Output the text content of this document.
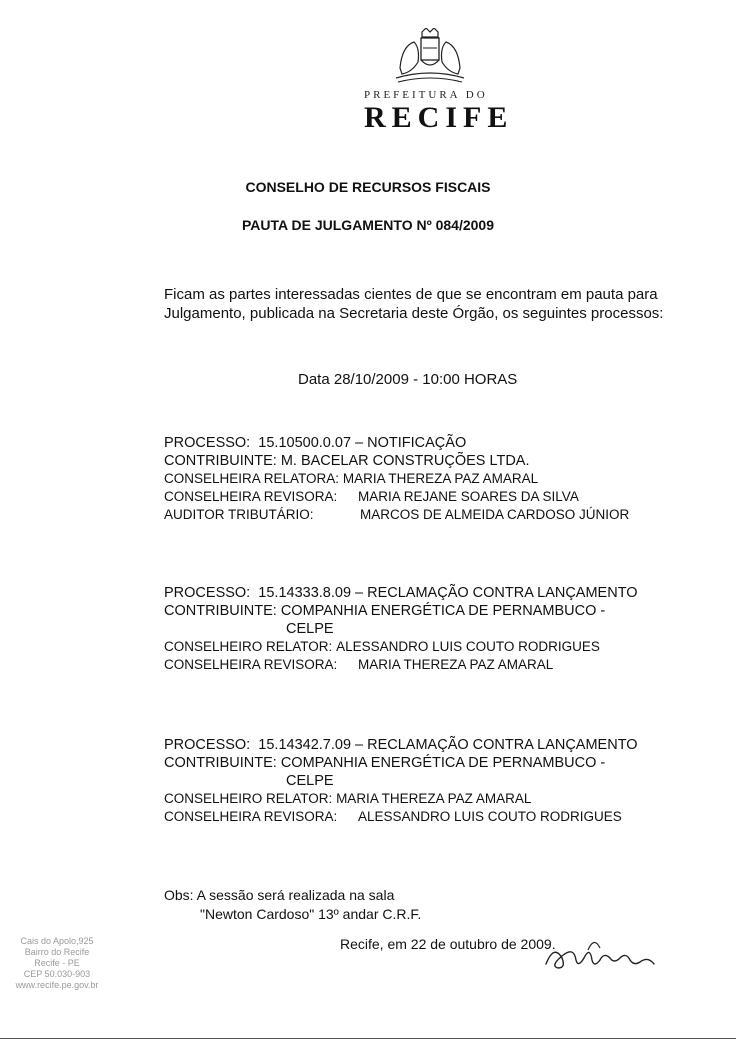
PREFEITURA DO
RECIFE
CONSELHO DE RECURSOS FISCAIS
PAUTA DE JULGAMENTO Nº 084/2009
Ficam as partes interessadas cientes de que se encontram em pauta para
Julgamento, publicada na Secretaria deste Órgão, os seguintes processos:
Data 28/10/2009 - 10:00 HORAS
PROCESSO:
15.10500.0.07 – NOTIFICAÇÃO
CONTRIBUINTE:
M. BACELAR CONSTRUÇÕES LTDA.
CONSELHEIRA RELATORA:
MARIA THEREZA PAZ AMARAL
CONSELHEIRA REVISORA:	MARIA REJANE SOARES DA SILVA
AUDITOR TRIBUTÁRIO:	MARCOS DE ALMEIDA CARDOSO JÚNIOR
PROCESSO:
15.14333.8.09 – RECLAMAÇÃO CONTRA LANÇAMENTO
CONTRIBUINTE:
COMPANHIA ENERGÉTICA DE PERNAMBUCO -
CELPE
CONSELHEIRO RELATOR:
ALESSANDRO LUIS COUTO RODRIGUES
CONSELHEIRA REVISORA:	MARIA THEREZA PAZ AMARAL
PROCESSO:
15.14342.7.09 – RECLAMAÇÃO CONTRA LANÇAMENTO
CONTRIBUINTE:
COMPANHIA ENERGÉTICA DE PERNAMBUCO -
CELPE
CONSELHEIRO RELATOR:
MARIA THEREZA PAZ AMARAL
CONSELHEIRA REVISORA:	ALESSANDRO LUIS COUTO RODRIGUES
Obs: A sessão será realizada na sala
"Newton Cardoso" 13º andar C.R.F.
Recife, em 22 de outubro de 2009.
Cais do Apolo,925
Bairro do Recife
Recife - PE
CEP 50.030-903
www.recife.pe.gov.br
